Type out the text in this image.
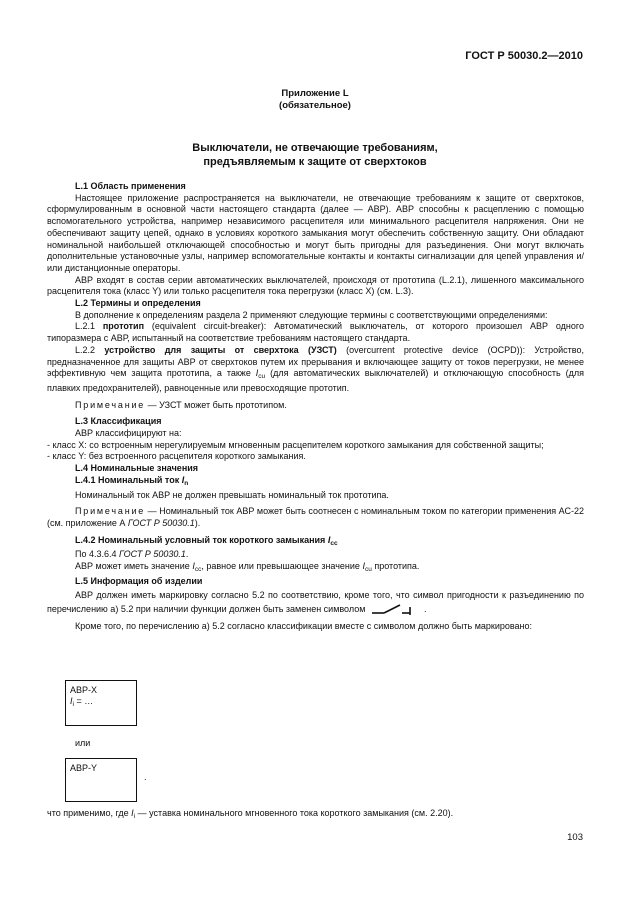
ГОСТ Р 50030.2—2010
Приложение L
(обязательное)
Выключатели, не отвечающие требованиям,
предъявляемым к защите от сверхтоков

L.1 Область применения

Настоящее приложение распространяется на выключатели, не отвечающие требованиям к защите от сверхтоков, сформулированным в основной части настоящего стандарта (далее — АВР). АВР способны к расцеплению с помощью вспомогательного устройства, например независимого расцепителя или минимального расцепителя напряжения. Они не обеспечивают защиту цепей, однако в условиях короткого замыкания могут обеспечить собственную защиту. Они обладают номинальной наибольшей отключающей способностью и могут быть пригодны для разъединения. Они могут включать дополнительные установочные узлы, например вспомогательные контакты и контакты сигнализации для цепей управления и/или дистанционные операторы.

АВР входят в состав серии автоматических выключателей, происходя от прототипа (L.2.1), лишенного максимального расцепителя тока (класс Y) или только расцепителя тока перегрузки (класс X) (см. L.3).

L.2 Термины и определения

В дополнение к определениям раздела 2 применяют следующие термины с соответствующими определениями:

L.2.1 прототип (equivalent circuit-breaker): Автоматический выключатель, от которого произошел АВР одного типоразмера с АВР, испытанный на соответствие требованиям настоящего стандарта.

L.2.2 устройство для защиты от сверхтока (УЗСТ) (overcurrent protective device (OCPD)): Устройство, предназначенное для защиты АВР от сверхтоков путем их прерывания и включающее защиту от токов перегрузки, не менее эффективную чем защита прототипа, а также $I_{cu}$ (для автоматических выключателей) и отключающую способность (для плавких предохранителей), равноценные или превосходящие прототип.

Примечание — УЗСТ может быть прототипом.

L.3 Классификация

АВР классифицируют на:

- класс X: со встроенным нерегулируемым мгновенным расцепителем короткого замыкания для собственной защиты;

- класс Y: без встроенного расцепителя короткого замыкания.

L.4 Номинальные значения

L.4.1 Номинальный ток $I_n$

Номинальный ток АВР не должен превышать номинальный ток прототипа.

Примечание — Номинальный ток АВР может быть соотнесен с номинальным током по категории применения АС-22 (см. приложение А ГОСТ Р 50030.1).

L.4.2 Номинальный условный ток короткого замыкания $I_{cc}$

По 4.3.6.4 ГОСТ Р 50030.1.

АВР может иметь значение $I_{cc}$, равное или превышающее значение $I_{cu}$ прототипа.

L.5 Информация об изделии

АВР должен иметь маркировку согласно 5.2 по соответствию, кроме того, что символ пригодности к разъединению по перечислению а) 5.2 при наличии функции должен быть заменен символом	.

Кроме того, по перечислению а) 5.2 согласно классификации вместе с символом должно быть маркировано:

АВР-X
$I_i$ = …
или
АВР-Y
.
что применимо, где $I_i$ — уставка номинального мгновенного тока короткого замыкания (см. 2.20).
103
